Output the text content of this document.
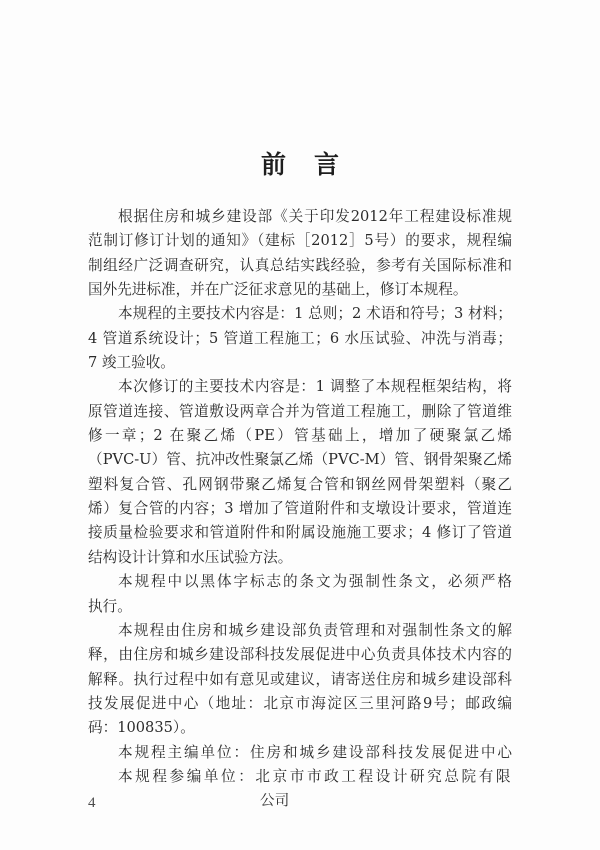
前言
根据住房和城乡建设部《关于印发2012年工程建设标准规
范制订修订计划的通知》（建标［2012］5号）的要求，规程编
制组经广泛调查研究，认真总结实践经验，参考有关国际标准和
国外先进标准，并在广泛征求意见的基础上，修订本规程。
本规程的主要技术内容是：1 总则；2 术语和符号；3 材料；
4 管道系统设计；5 管道工程施工；6 水压试验、冲洗与消毒；
7 竣工验收。
本次修订的主要技术内容是：1 调整了本规程框架结构，将
原管道连接、管道敷设两章合并为管道工程施工，删除了管道维
修一章；2 在聚乙烯（PE）管基础上，增加了硬聚氯乙烯
（PVC-U）管、抗冲改性聚氯乙烯（PVC-M）管、钢骨架聚乙烯
塑料复合管、孔网钢带聚乙烯复合管和钢丝网骨架塑料（聚乙
烯）复合管的内容；3 增加了管道附件和支墩设计要求，管道连
接质量检验要求和管道附件和附属设施施工要求；4 修订了管道
结构设计计算和水压试验方法。
本规程中以黑体字标志的条文为强制性条文，必须严格
执行。
本规程由住房和城乡建设部负责管理和对强制性条文的解
释，由住房和城乡建设部科技发展促进中心负责具体技术内容的
解释。执行过程中如有意见或建议，请寄送住房和城乡建设部科
技发展促进中心（地址：北京市海淀区三里河路9号；邮政编
码：100835）。
本规程主编单位：住房和城乡建设部科技发展促进中心
本规程参编单位：北京市市政工程设计研究总院有限
公司
4
